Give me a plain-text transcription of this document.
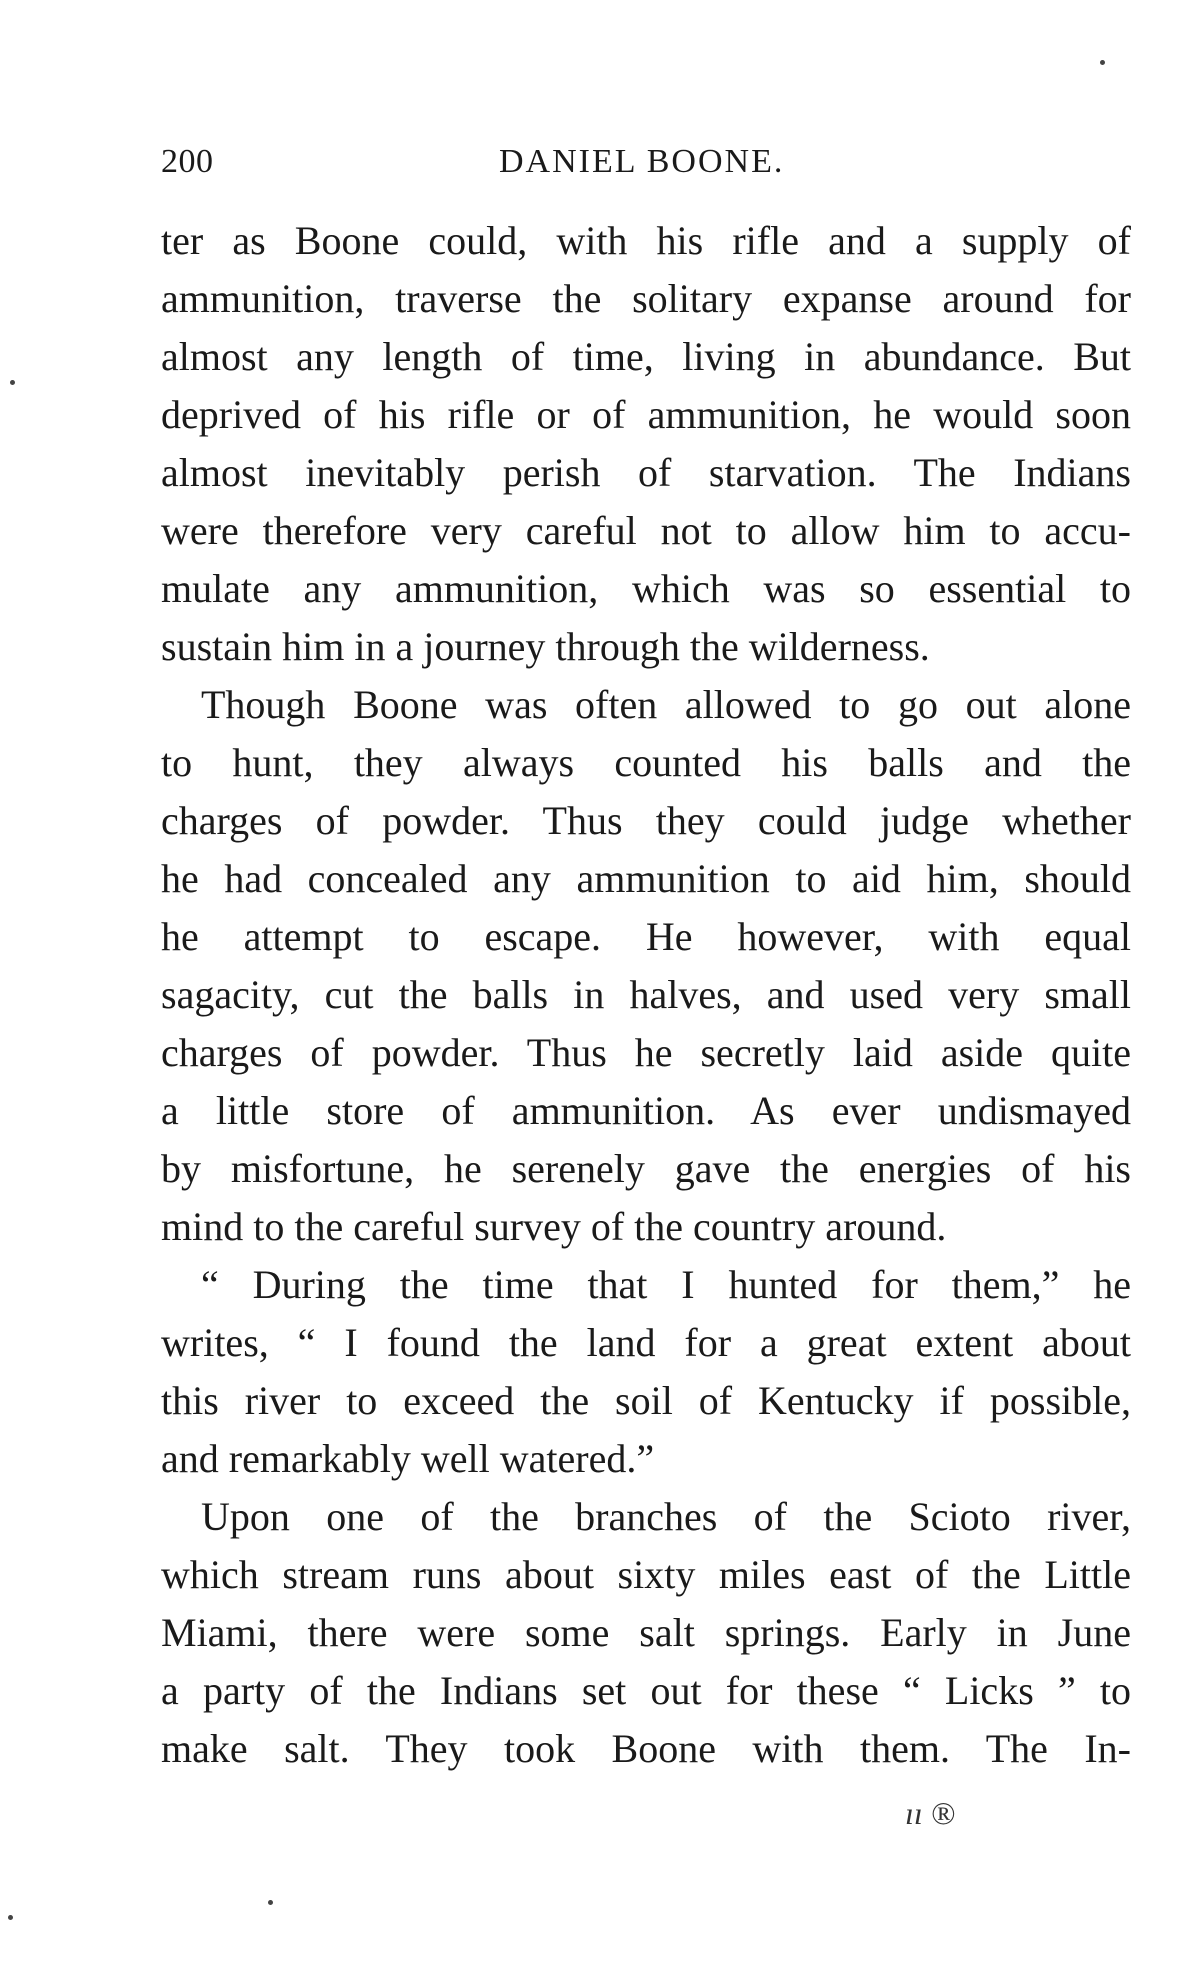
200	DANIEL BOONE.
ter as Boone could, with his rifle and a supply of
ammunition, traverse the solitary expanse around for
almost any length of time, living in abundance. But
deprived of his rifle or of ammunition, he would soon
almost inevitably perish of starvation. The Indians
were therefore very careful not to allow him to accu-
mulate any ammunition, which was so essential to
sustain him in a journey through the wilderness.
Though Boone was often allowed to go out alone
to hunt, they always counted his balls and the
charges of powder. Thus they could judge whether
he had concealed any ammunition to aid him, should
he attempt to escape. He however, with equal
sagacity, cut the balls in halves, and used very small
charges of powder. Thus he secretly laid aside quite
a little store of ammunition. As ever undismayed
by misfortune, he serenely gave the energies of his
mind to the careful survey of the country around.
“ During the time that I hunted for them,” he
writes, “ I found the land for a great extent about
this river to exceed the soil of Kentucky if possible,
and remarkably well watered.”
Upon one of the branches of the Scioto river,
which stream runs about sixty miles east of the Little
Miami, there were some salt springs. Early in June
a party of the Indians set out for these “ Licks ” to
make salt. They took Boone with them. The In-
ıı ®
